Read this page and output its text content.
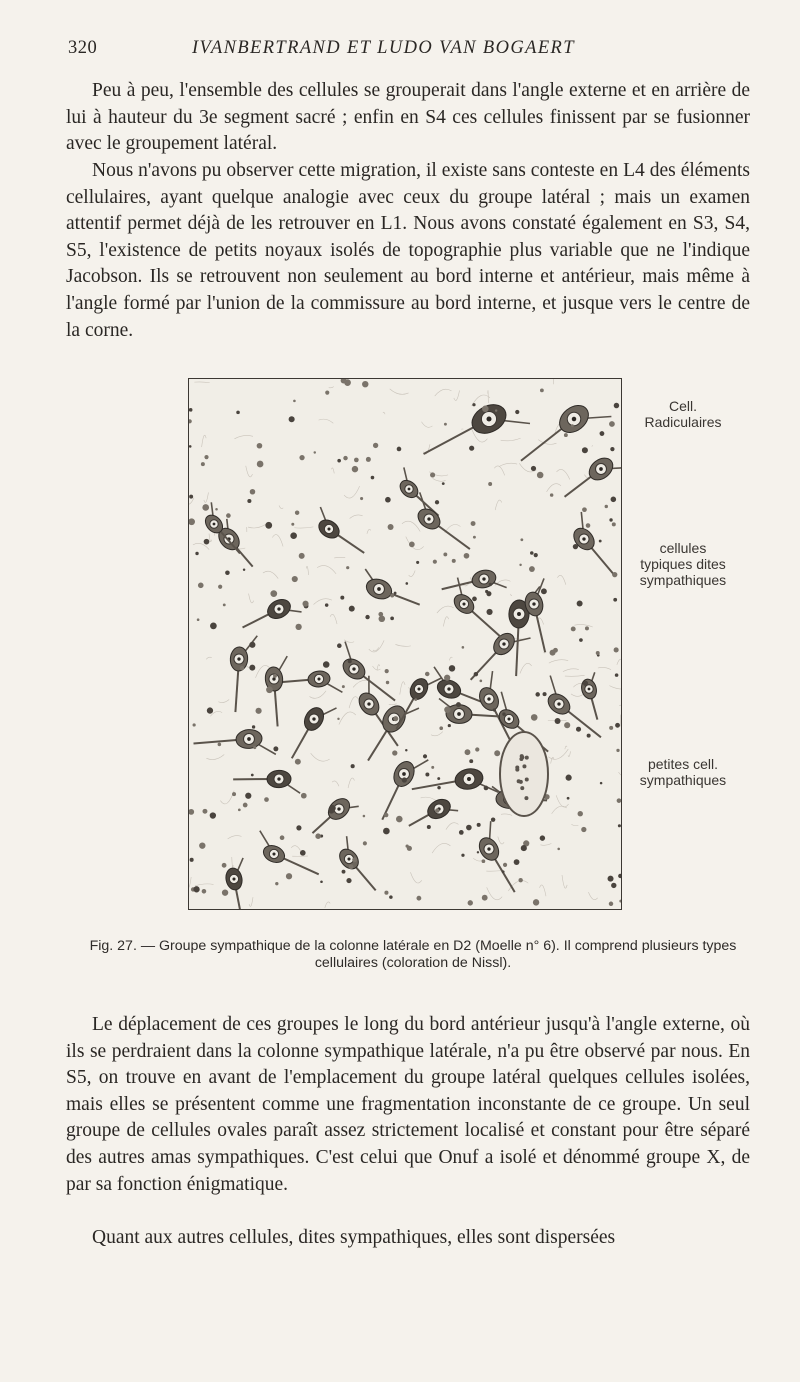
320	IVANBERTRAND ET LUDO VAN BOGAERT

Peu à peu, l'ensemble des cellules se grouperait dans l'angle externe et en arrière de lui à hauteur du 3e segment sacré ; enfin en S4 ces cellules finissent par se fusionner avec le groupement latéral.

Nous n'avons pu observer cette migration, il existe sans conteste en L4 des éléments cellulaires, ayant quelque analogie avec ceux du groupe latéral ; mais un examen attentif permet déjà de les retrouver en L1. Nous avons constaté également en S3, S4, S5, l'existence de petits noyaux isolés de topographie plus variable que ne l'indique Jacobson. Ils se retrouvent non seulement au bord interne et antérieur, mais même à l'angle formé par l'union de la commissure au bord interne, et jusque vers le centre de la corne.

Cell. Radiculaires
cellules typiques dites sympathiques
petites cell. sympathiques
Fig. 27. — Groupe sympathique de la colonne latérale en D2 (Moelle n° 6). Il comprend plusieurs types cellulaires (coloration de Nissl).

Le déplacement de ces groupes le long du bord antérieur jusqu'à l'angle externe, où ils se perdraient dans la colonne sympathique latérale, n'a pu être observé par nous. En S5, on trouve en avant de l'emplacement du groupe latéral quelques cellules isolées, mais elles se présentent comme une fragmentation inconstante de ce groupe. Un seul groupe de cellules ovales paraît assez strictement localisé et constant pour être séparé des autres amas sympathiques. C'est celui que Onuf a isolé et dénommé groupe X, de par sa fonction énigmatique.

Quant aux autres cellules, dites sympathiques, elles sont dispersées
